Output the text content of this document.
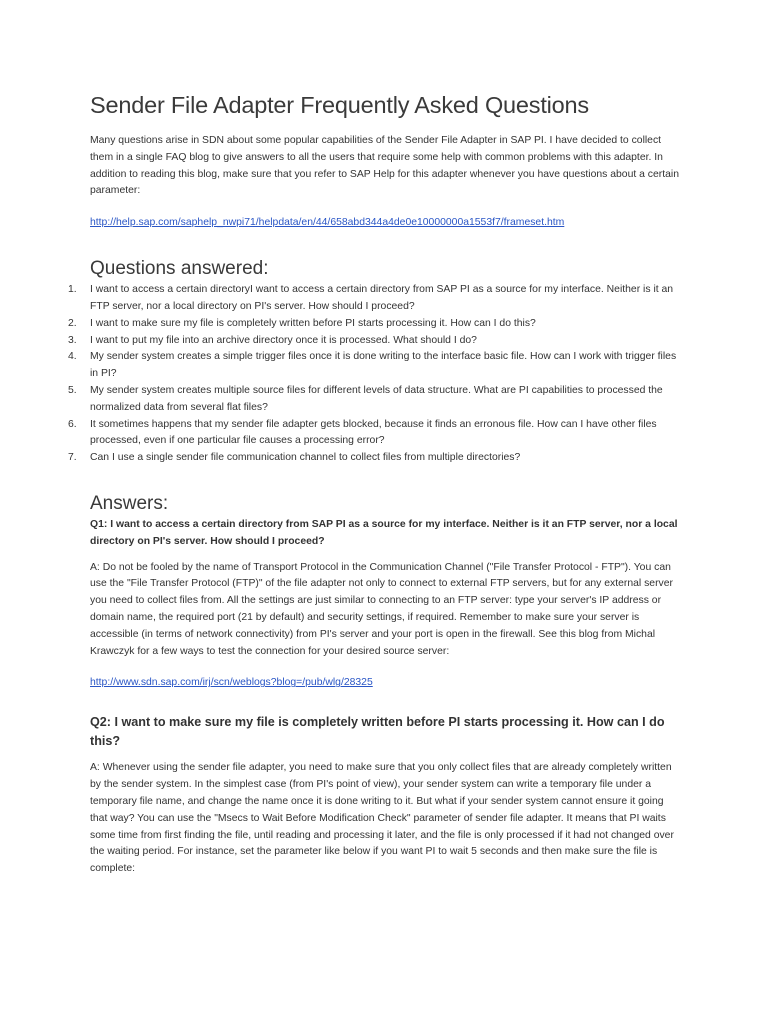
Sender File Adapter Frequently Asked Questions

Many questions arise in SDN about some popular capabilities of the Sender File Adapter in SAP PI. I have decided to collect them in a single FAQ blog to give answers to all the users that require some help with common problems with this adapter. In addition to reading this blog, make sure that you refer to SAP Help for this adapter whenever you have questions about a certain parameter:

http://help.sap.com/saphelp_nwpi71/helpdata/en/44/658abd344a4de0e10000000a1553f7/frameset.htm
Questions answered:
1.	I want to access a certain directoryI want to access a certain directory from SAP PI as a source for my interface. Neither is it an FTP server, nor a local directory on PI's server. How should I proceed?
2.	I want to make sure my file is completely written before PI starts processing it. How can I do this?
3.	I want to put my file into an archive directory once it is processed. What should I do?
4.	My sender system creates a simple trigger files once it is done writing to the interface basic file. How can I work with trigger files in PI?
5.	My sender system creates multiple source files for different levels of data structure. What are PI capabilities to processed the normalized data from several flat files?
6.	It sometimes happens that my sender file adapter gets blocked, because it finds an erronous file. How can I have other files processed, even if one particular file causes a processing error?
7.	Can I use a single sender file communication channel to collect files from multiple directories?
Answers:

Q1: I want to access a certain directory from SAP PI as a source for my interface. Neither is it an FTP server, nor a local directory on PI's server. How should I proceed?

A: Do not be fooled by the name of Transport Protocol in the Communication Channel ("File Transfer Protocol - FTP"). You can use the "File Transfer Protocol (FTP)" of the file adapter not only to connect to external FTP servers, but for any external server you need to collect files from. All the settings are just similar to connecting to an FTP server: type your server's IP address or domain name, the required port (21 by default) and security settings, if required. Remember to make sure your server is accessible (in terms of network connectivity) from PI's server and your port is open in the firewall. See this blog from Michal Krawczyk for a few ways to test the connection for your desired source server:

http://www.sdn.sap.com/irj/scn/weblogs?blog=/pub/wlg/28325

Q2: I want to make sure my file is completely written before PI starts processing it. How can I do this?

A: Whenever using the sender file adapter, you need to make sure that you only collect files that are already completely written by the sender system. In the simplest case (from PI's point of view), your sender system can write a temporary file under a temporary file name, and change the name once it is done writing to it. But what if your sender system cannot ensure it going that way? You can use the "Msecs to Wait Before Modification Check" parameter of sender file adapter. It means that PI waits some time from first finding the file, until reading and processing it later, and the file is only processed if it had not changed over the waiting period. For instance, set the parameter like below if you want PI to wait 5 seconds and then make sure the file is complete:
